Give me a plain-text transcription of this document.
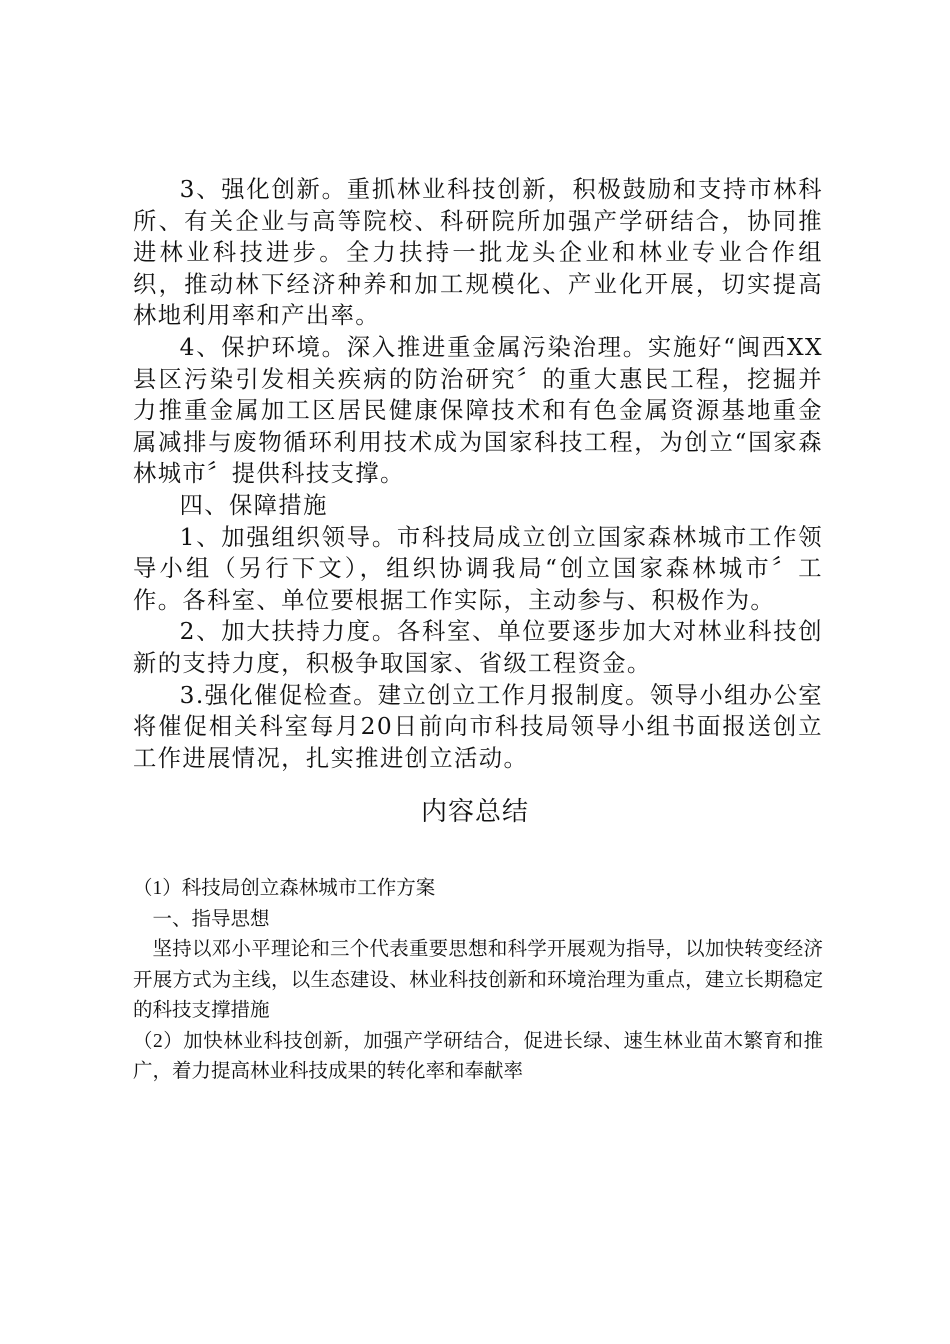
3、强化创新。重抓林业科技创新，积极鼓励和支持市林科所、有关企业与高等院校、科研院所加强产学研结合，协同推进林业科技进步。全力扶持一批龙头企业和林业专业合作组织，推动林下经济种养和加工规模化、产业化开展，切实提高林地利用率和产出率。

4、保护环境。深入推进重金属污染治理。实施好“闽西XX县区污染引发相关疾病的防治研究〞的重大惠民工程，挖掘并力推重金属加工区居民健康保障技术和有色金属资源基地重金属减排与废物循环利用技术成为国家科技工程，为创立“国家森林城市〞提供科技支撑。

四、保障措施

1、加强组织领导。市科技局成立创立国家森林城市工作领导小组（另行下文），组织协调我局“创立国家森林城市〞工作。各科室、单位要根据工作实际，主动参与、积极作为。

2、加大扶持力度。各科室、单位要逐步加大对林业科技创新的支持力度，积极争取国家、省级工程资金。

3.强化催促检查。建立创立工作月报制度。领导小组办公室将催促相关科室每月20日前向市科技局领导小组书面报送创立工作进展情况，扎实推进创立活动。

内容总结

（1）科技局创立森林城市工作方案

一、指导思想

坚持以邓小平理论和三个代表重要思想和科学开展观为指导，以加快转变经济开展方式为主线，以生态建设、林业科技创新和环境治理为重点，建立长期稳定的科技支撑措施

（2）加快林业科技创新，加强产学研结合，促进长绿、速生林业苗木繁育和推广，着力提高林业科技成果的转化率和奉献率
